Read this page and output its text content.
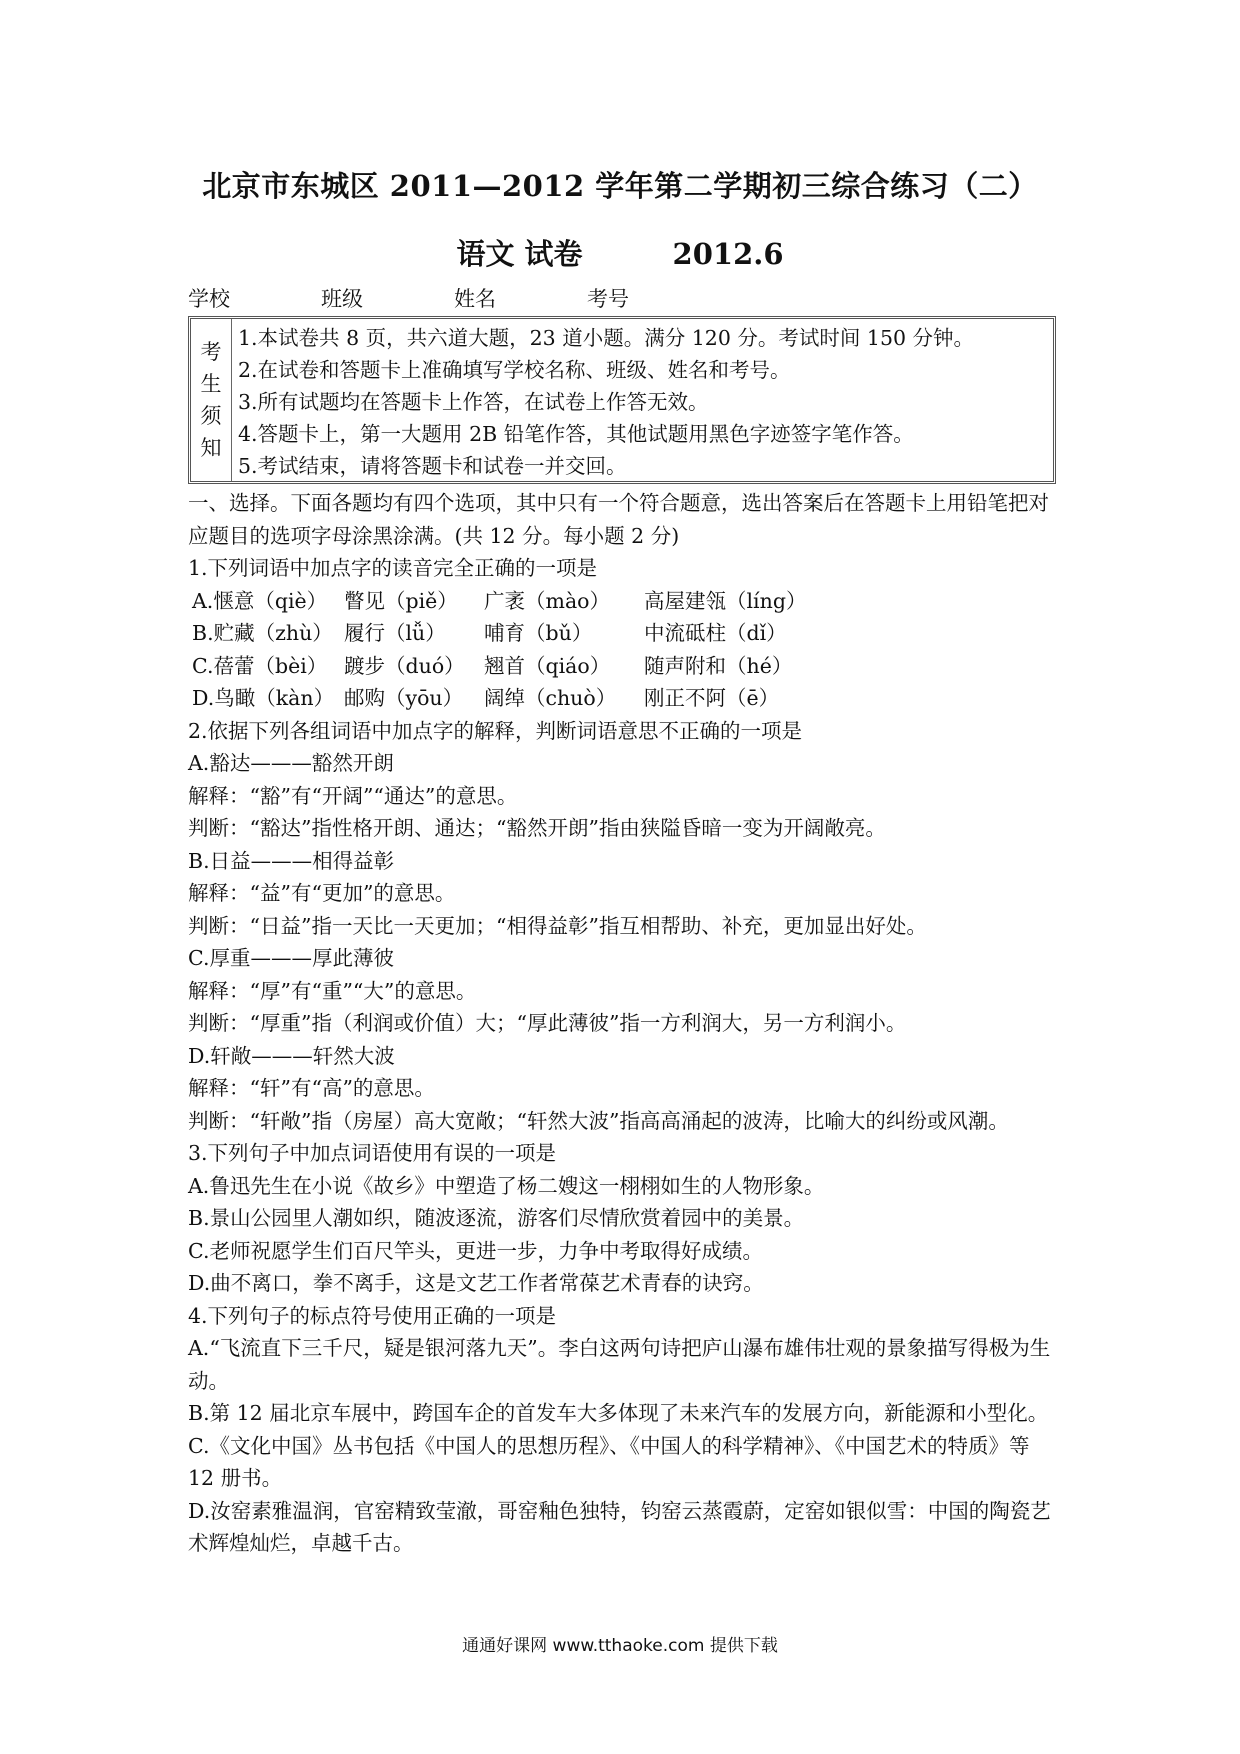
北京市东城区 2011—2012 学年第二学期初三综合练习（二）
语文 试卷	2012.6
学校	班级	姓名	考号
考
生
须
知
1.本试卷共 8 页，共六道大题，23 道小题。满分 120 分。考试时间 150 分钟。
2.在试卷和答题卡上准确填写学校名称、班级、姓名和考号。
3.所有试题均在答题卡上作答，在试卷上作答无效。
4.答题卡上，第一大题用 2B 铅笔作答，其他试题用黑色字迹签字笔作答。
5.考试结束，请将答题卡和试卷一并交回。

一、选择。下面各题均有四个选项，其中只有一个符合题意，选出答案后在答题卡上用铅笔把对应题目的选项字母涂黑涂满。(共 12 分。每小题 2 分)

1.下列词语中加点字的读音完全正确的一项是

A.惬意（qiè） 瞥见（piě） 广袤（mào） 高屋建瓴（líng）

B.贮藏（zhù） 履行（lǚ） 哺育（bǔ）	中流砥柱（dǐ）

C.蓓蕾（bèi） 踱步（duó） 翘首（qiáo） 随声附和（hé）

D.鸟瞰（kàn） 邮购（yōu） 阔绰（chuò） 刚正不阿（ē）

2.依据下列各组词语中加点字的解释，判断词语意思不正确的一项是

A.豁达———豁然开朗

解释：“豁”有“开阔”“通达”的意思。

判断：“豁达”指性格开朗、通达；“豁然开朗”指由狭隘昏暗一变为开阔敞亮。

B.日益———相得益彰

解释：“益”有“更加”的意思。

判断：“日益”指一天比一天更加；“相得益彰”指互相帮助、补充，更加显出好处。

C.厚重———厚此薄彼

解释：“厚”有“重”“大”的意思。

判断：“厚重”指（利润或价值）大；“厚此薄彼”指一方利润大，另一方利润小。

D.轩敞———轩然大波

解释：“轩”有“高”的意思。

判断：“轩敞”指（房屋）高大宽敞；“轩然大波”指高高涌起的波涛，比喻大的纠纷或风潮。

3.下列句子中加点词语使用有误的一项是

A.鲁迅先生在小说《故乡》中塑造了杨二嫂这一栩栩如生的人物形象。

B.景山公园里人潮如织，随波逐流，游客们尽情欣赏着园中的美景。

C.老师祝愿学生们百尺竿头，更进一步，力争中考取得好成绩。

D.曲不离口，拳不离手，这是文艺工作者常葆艺术青春的诀窍。

4.下列句子的标点符号使用正确的一项是

A.“飞流直下三千尺，疑是银河落九天”。李白这两句诗把庐山瀑布雄伟壮观的景象描写得极为生动。

B.第 12 届北京车展中，跨国车企的首发车大多体现了未来汽车的发展方向，新能源和小型化。

C.《文化中国》丛书包括《中国人的思想历程》、《中国人的科学精神》、《中国艺术的特质》等 12 册书。

D.汝窑素雅温润，官窑精致莹澈，哥窑釉色独特，钧窑云蒸霞蔚，定窑如银似雪：中国的陶瓷艺术辉煌灿烂，卓越千古。

通通好课网 www.tthaoke.com 提供下载
